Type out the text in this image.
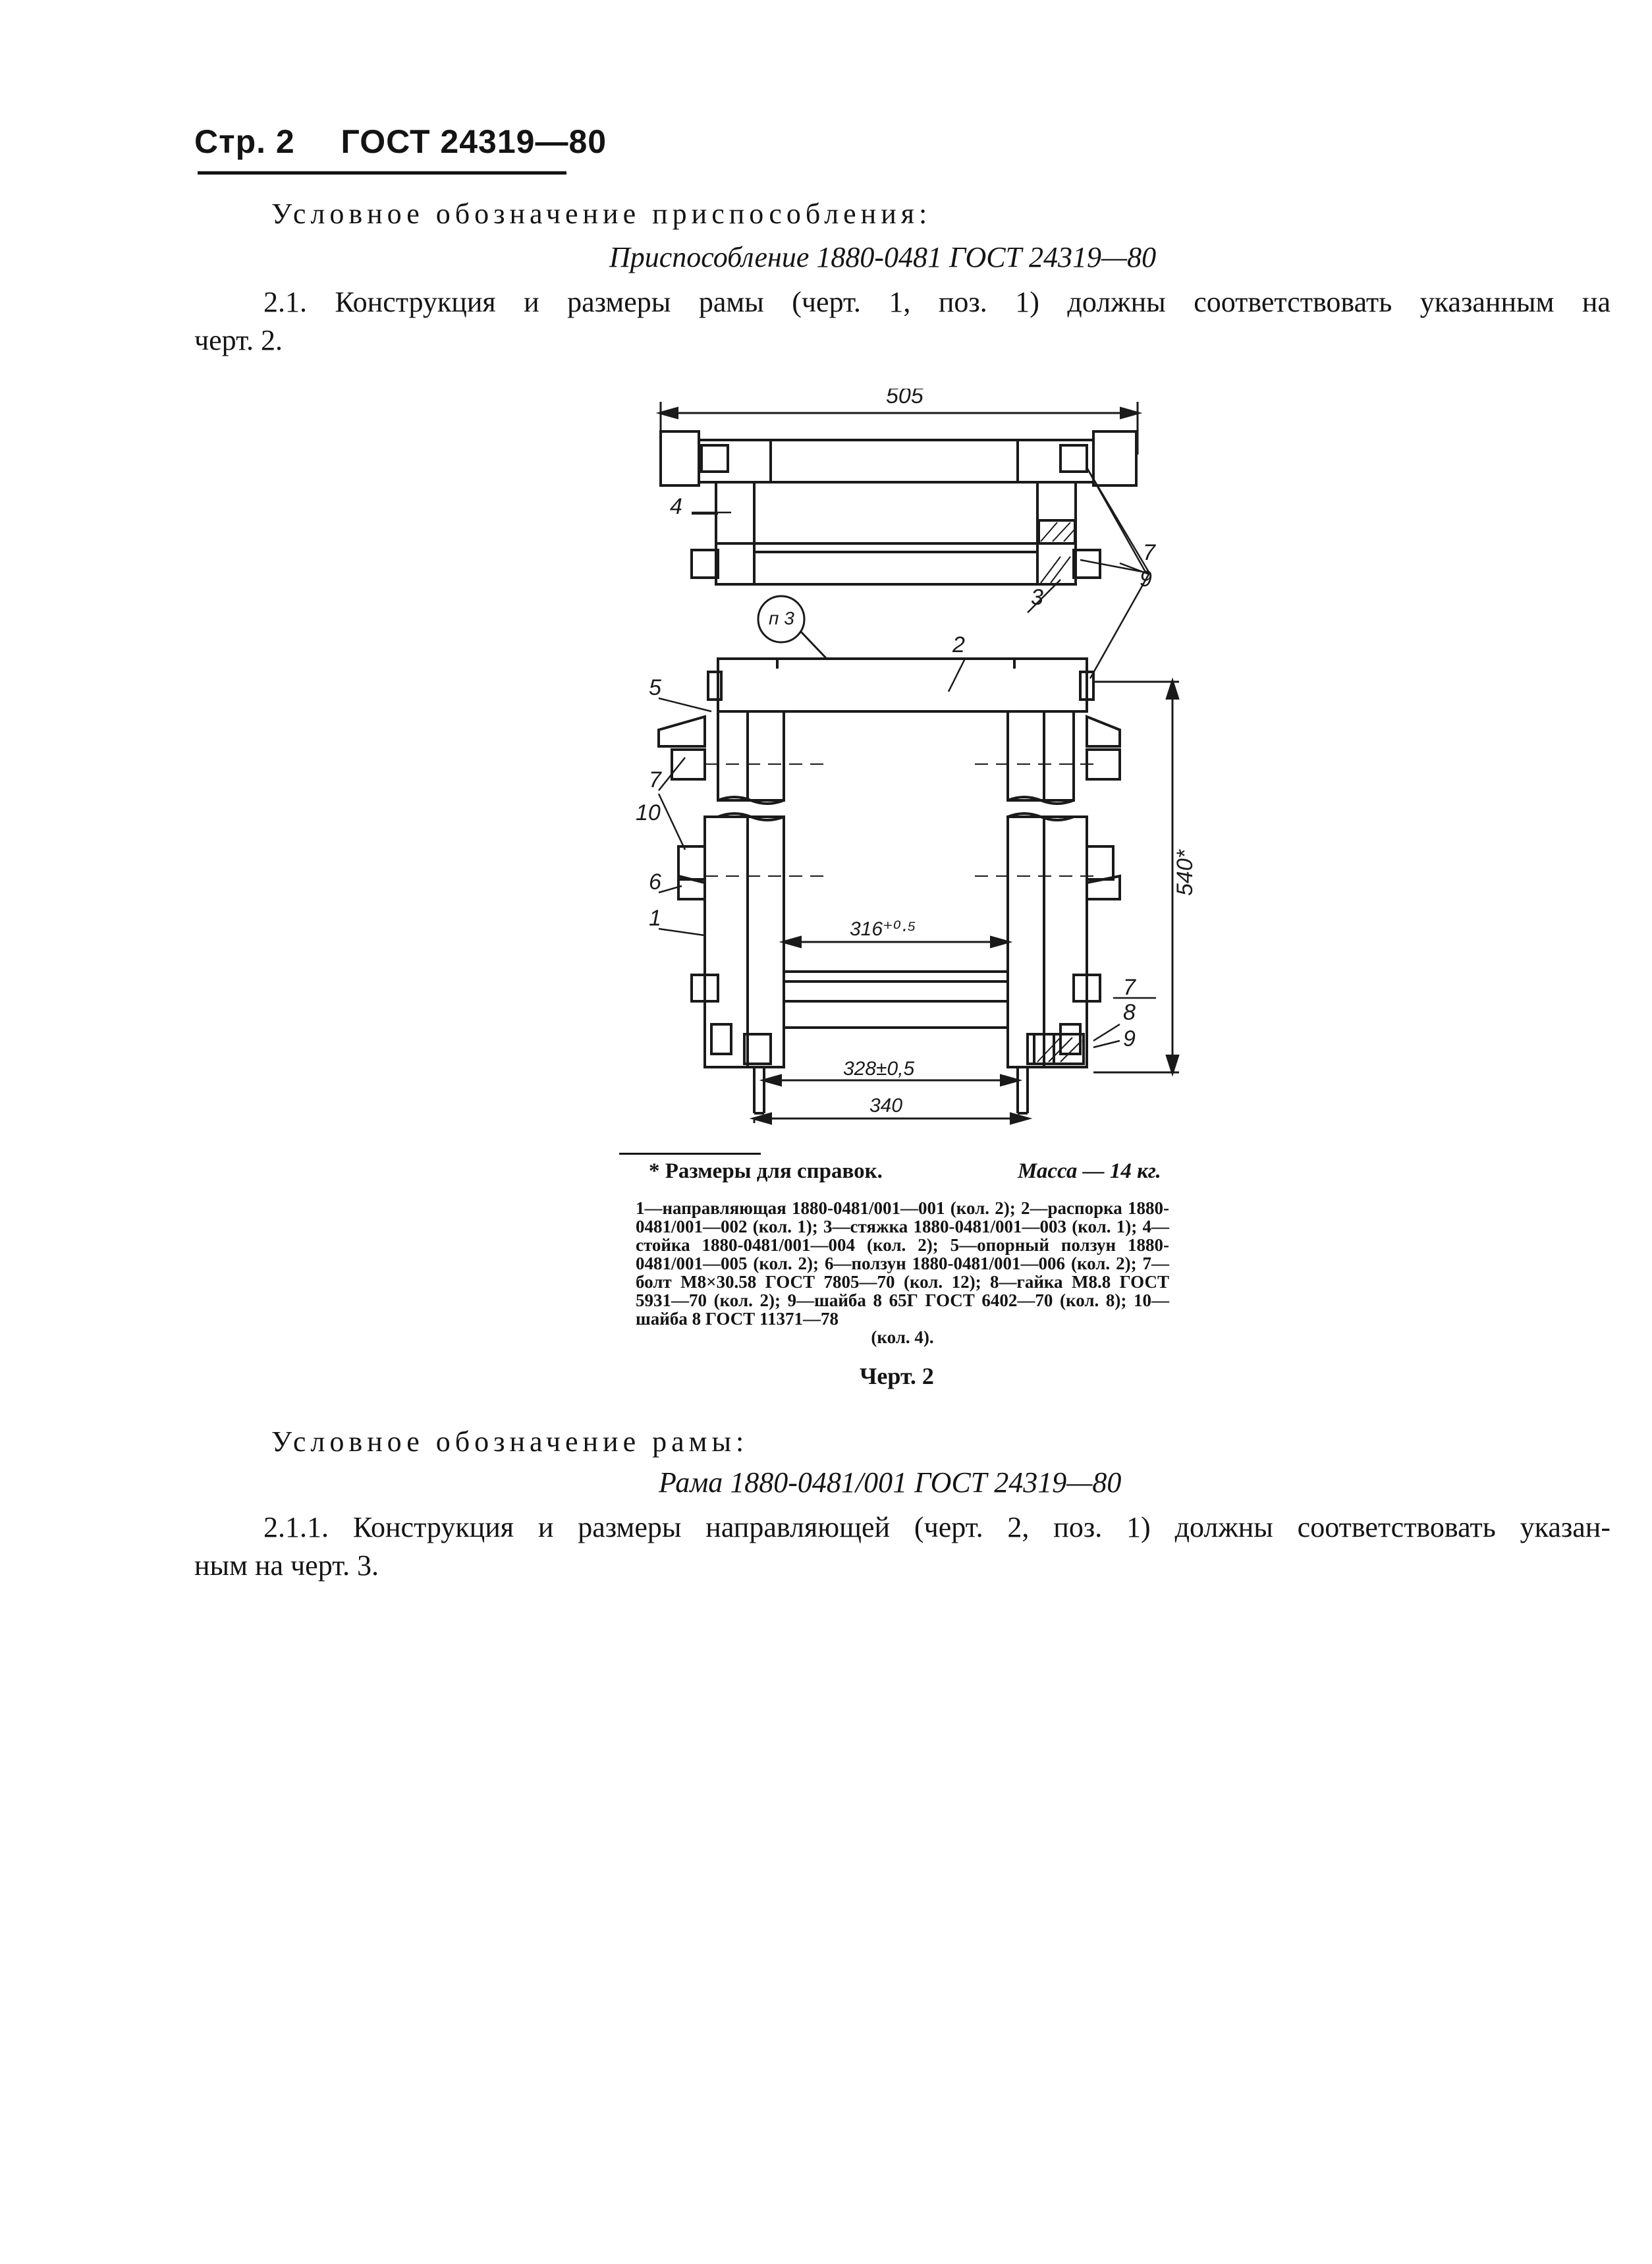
Стр. 2 ГОСТ 24319—80
Условное обозначение приспособления:
Приспособление 1880-0481 ГОСТ 24319—80
2.1. Конструкция и размеры рамы (черт. 1, поз. 1) должны соответствовать указанным на
черт. 2.
505
4
3
7
9
п 3
2
5
7
10
6
1	316⁺⁰·⁵
7
8
9
328±0,5
340
540*
* Размеры для справок.	Масса — 14 кг.
1—направляющая 1880-0481/001—001 (кол. 2); 2—распорка 1880-0481/001—002 (кол. 1); 3—стяжка 1880-0481/001—003 (кол. 1); 4—стойка 1880-0481/001—004 (кол. 2); 5—опорный ползун 1880-0481/001—005 (кол. 2); 6—ползун 1880-0481/001—006 (кол. 2); 7—болт М8×30.58 ГОСТ 7805—70 (кол. 12); 8—гайка М8.8 ГОСТ 5931—70 (кол. 2); 9—шайба 8 65Г ГОСТ 6402—70 (кол. 8); 10—шайба 8 ГОСТ 11371—78
(кол. 4).
Черт. 2
Условное обозначение рамы:
Рама 1880-0481/001 ГОСТ 24319—80
2.1.1. Конструкция и размеры направляющей (черт. 2, поз. 1) должны соответствовать указан-
ным на черт. 3.
